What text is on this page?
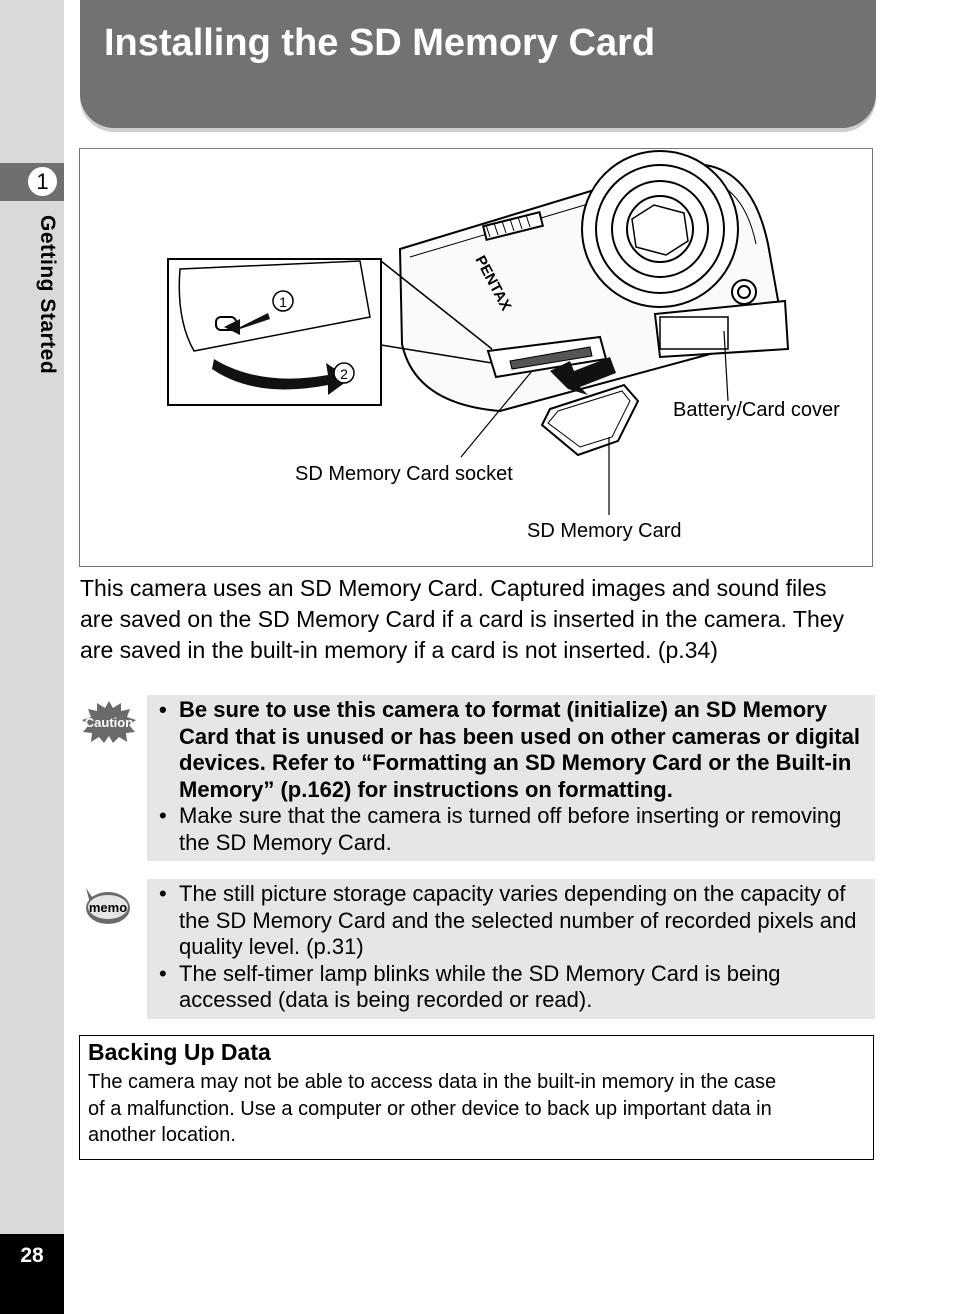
1
Getting Started
28
Installing the SD Memory Card
1
2
PENTAX
Battery/Card cover
SD Memory Card socket
SD Memory Card

This camera uses an SD Memory Card. Captured images and sound files

are saved on the SD Memory Card if a card is inserted in the camera. They

are saved in the built-in memory if a card is not inserted. (p.34)

Caution
• Be sure to use this camera to format (initialize) an SD Memory Card that is unused or has been used on other cameras or digital devices. Refer to “Formatting an SD Memory Card or the Built-in Memory” (p.162) for instructions on formatting.
• Make sure that the camera is turned off before inserting or removing the SD Memory Card.
memo
• The still picture storage capacity varies depending on the capacity of the SD Memory Card and the selected number of recorded pixels and quality level. (p.31)
• The self-timer lamp blinks while the SD Memory Card is being accessed (data is being recorded or read).
Backing Up Data
The camera may not be able to access data in the built-in memory in the case
of a malfunction. Use a computer or other device to back up important data in
another location.
